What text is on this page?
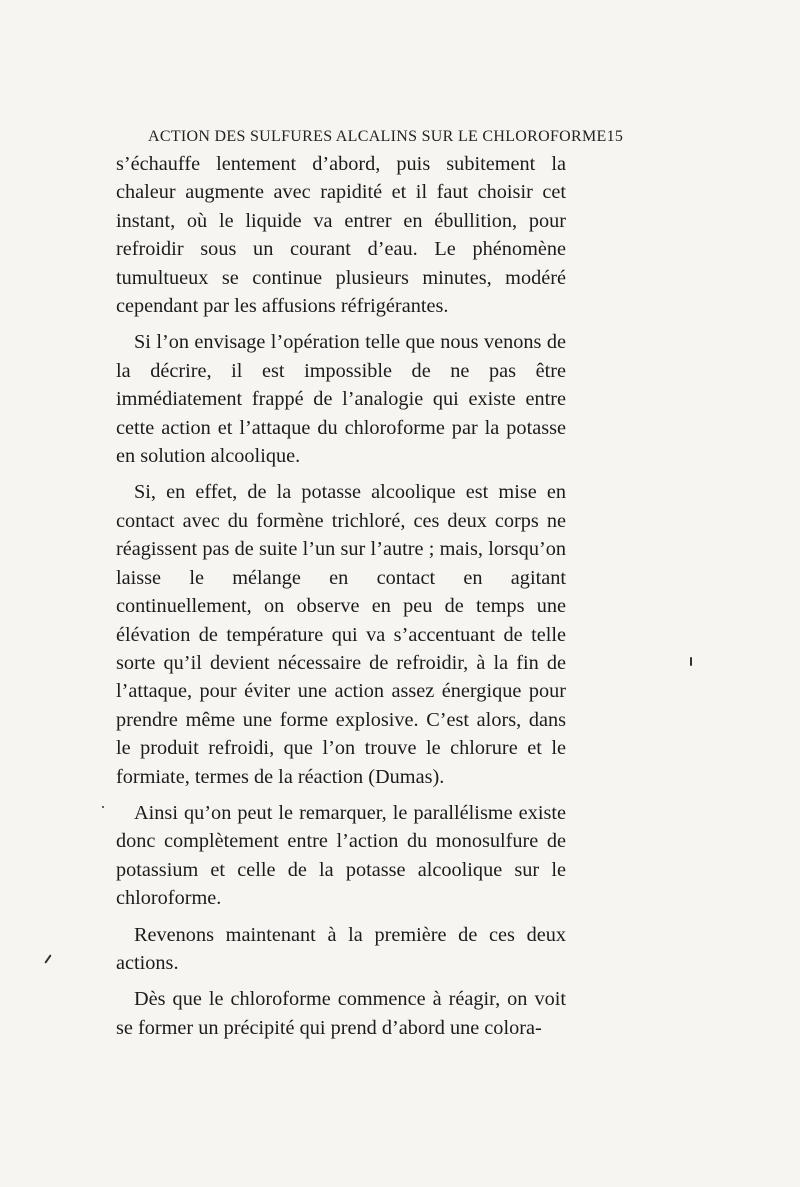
ACTION DES SULFURES ALCALINS SUR LE CHLOROFORME 15

s’échauffe lentement d’abord, puis subitement la chaleur augmente avec rapidité et il faut choisir cet instant, où le liquide va entrer en ébullition, pour refroidir sous un courant d’eau. Le phénomène tumultueux se continue plusieurs minutes, modéré cependant par les affusions réfrigérantes.

Si l’on envisage l’opération telle que nous venons de la décrire, il est impossible de ne pas être immédiatement frappé de l’analogie qui existe entre cette action et l’attaque du chloroforme par la potasse en solution alcoolique.

Si, en effet, de la potasse alcoolique est mise en contact avec du formène trichloré, ces deux corps ne réagissent pas de suite l’un sur l’autre ; mais, lorsqu’on laisse le mélange en contact en agitant continuellement, on observe en peu de temps une élévation de température qui va s’accentuant de telle sorte qu’il devient nécessaire de refroidir, à la fin de l’attaque, pour éviter une action assez énergique pour prendre même une forme explosive. C’est alors, dans le produit refroidi, que l’on trouve le chlorure et le formiate, termes de la réaction (Dumas).

Ainsi qu’on peut le remarquer, le parallélisme existe donc complètement entre l’action du monosulfure de potassium et celle de la potasse alcoolique sur le chloroforme.

Revenons maintenant à la première de ces deux actions.

Dès que le chloroforme commence à réagir, on voit se former un précipité qui prend d’abord une colora-
